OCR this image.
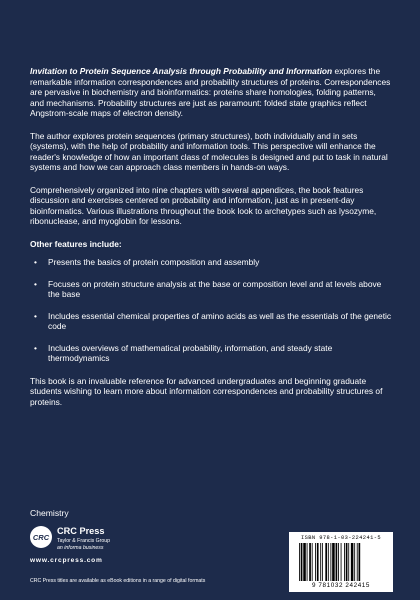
Invitation to Protein Sequence Analysis through Probability and Information explores the remarkable information correspondences and probability structures of proteins. Correspondences are pervasive in biochemistry and bioinformatics: proteins share homologies, folding patterns, and mechanisms. Probability structures are just as paramount: folded state graphics reflect Angstrom-scale maps of electron density.

The author explores protein sequences (primary structures), both individually and in sets (systems), with the help of probability and information tools. This perspective will enhance the reader's knowledge of how an important class of molecules is designed and put to task in natural systems and how we can approach class members in hands-on ways.

Comprehensively organized into nine chapters with several appendices, the book features discussion and exercises centered on probability and information, just as in present-day bioinformatics. Various illustrations throughout the book look to archetypes such as lysozyme, ribonuclease, and myoglobin for lessons.

Other features include:
• Presents the basics of protein composition and assembly
• Focuses on protein structure analysis at the base or composition level and at levels above the base
• Includes essential chemical properties of amino acids as well as the essentials of the genetic code
• Includes overviews of mathematical probability, information, and steady state thermodynamics

This book is an invaluable reference for advanced undergraduates and beginning graduate students wishing to learn more about information correspondences and probability structures of proteins.

Chemistry
CRC
CRC Press
Taylor & Francis Group
an informa business
www.crcpress.com
CRC Press titles are available as eBook editions in a range of digital formats
ISBN 978-1-03-224241-5
9 781032 242415
